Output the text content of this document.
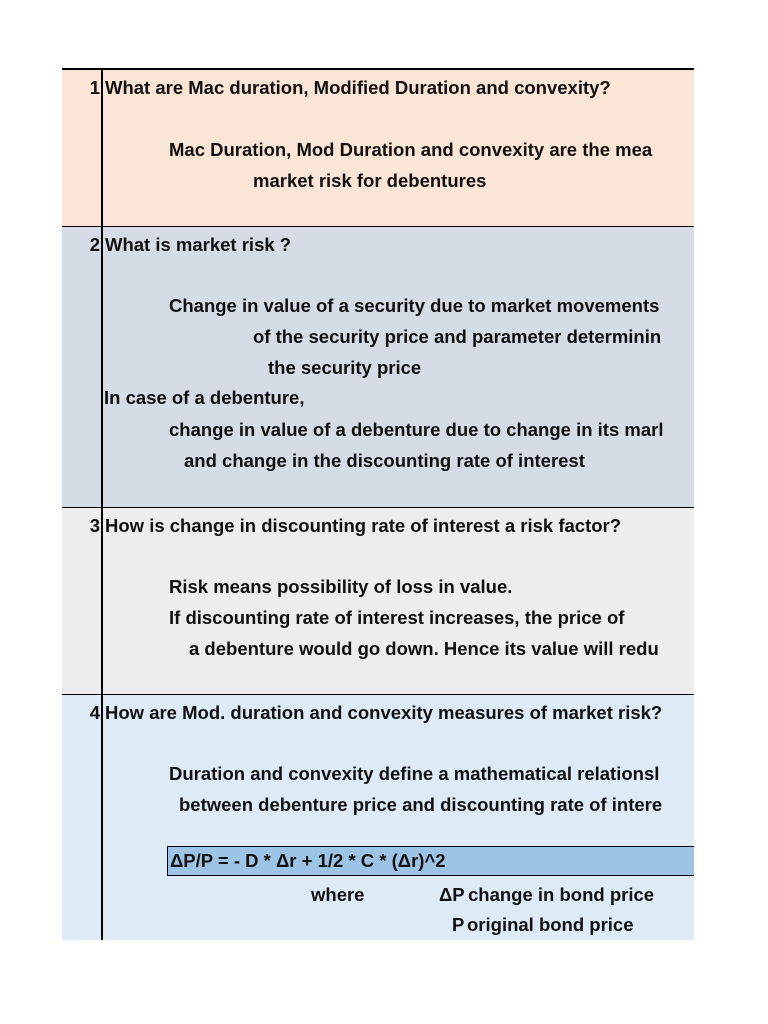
1 What are Mac duration, Modified Duration and convexity?
Mac Duration, Mod Duration and convexity are the mea
market risk for debentures
2 What is market risk ?
Change in value of a security due to market movements
of the security price and parameter determinin
the security price
In case of a debenture,
change in value of a debenture due to change in its marl
and change in the discounting rate of interest
3 How is change in discounting rate of interest a risk factor?
Risk means possibility of loss in value.
If discounting rate of interest increases, the price of
a debenture would go down. Hence its value will redu
4 How are Mod. duration and convexity measures of market risk?
Duration and convexity define a mathematical relationsl
between debenture price and discounting rate of intere
ΔP/P = - D * Δr + 1/2 * C * (Δr)^2
where	ΔP change in bond price
P original bond price
